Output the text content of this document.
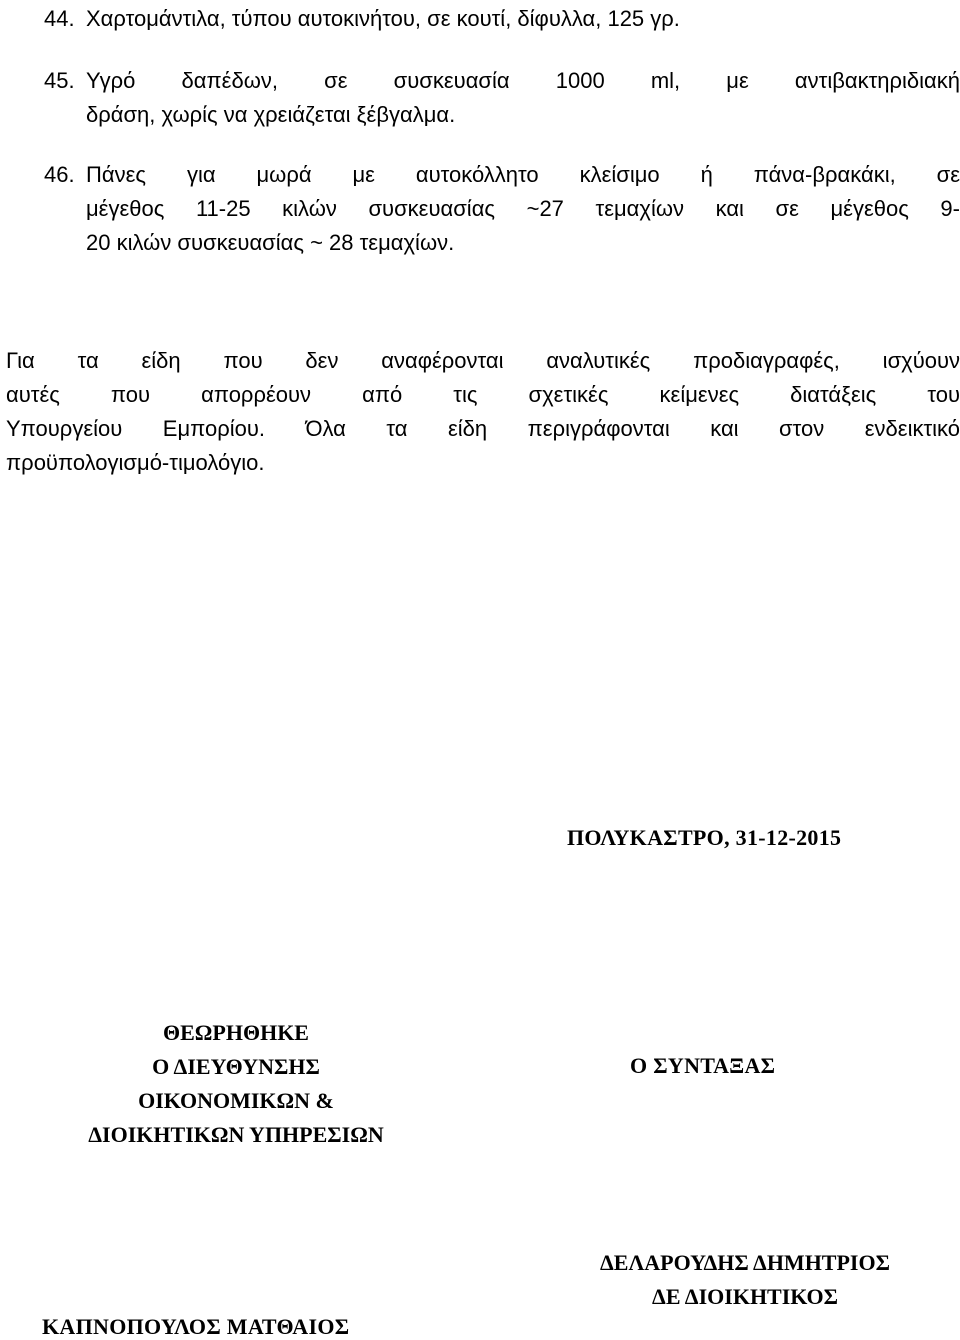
44. Χαρτομάντιλα, τύπου αυτοκινήτου, σε κουτί, δίφυλλα, 125 γρ.
45. Υγρό δαπέδων, σε συσκευασία 1000 ml, με αντιβακτηριδιακή
δράση, χωρίς να χρειάζεται ξέβγαλμα.
46. Πάνες για μωρά με αυτοκόλλητο κλείσιμο ή πάνα-βρακάκι, σε
μέγεθος 11-25 κιλών συσκευασίας ~27 τεμαχίων και σε μέγεθος 9-
20 κιλών συσκευασίας ~ 28 τεμαχίων.
Για τα είδη που δεν αναφέρονται αναλυτικές προδιαγραφές, ισχύουν
αυτές που απορρέουν από τις σχετικές κείμενες διατάξεις του
Υπουργείου Εμπορίου. Όλα τα είδη περιγράφονται και στον ενδεικτικό
προϋπολογισμό-τιμολόγιο.
ΠΟΛΥΚΑΣΤΡΟ, 31-12-2015
ΘΕΩΡΗΘΗΚΕ
Ο ΔΙΕΥΘΥΝΣΗΣ
ΟΙΚΟΝΟΜΙΚΩΝ &
ΔΙΟΙΚΗΤΙΚΩΝ ΥΠΗΡΕΣΙΩΝ
Ο ΣΥΝΤΑΞΑΣ
ΔΕΛΑΡΟΥΔΗΣ ΔΗΜΗΤΡΙΟΣ
ΔΕ ΔΙΟΙΚΗΤΙΚΟΣ
ΚΑΠΝΟΠΟΥΛΟΣ ΜΑΤΘΑΙΟΣ
